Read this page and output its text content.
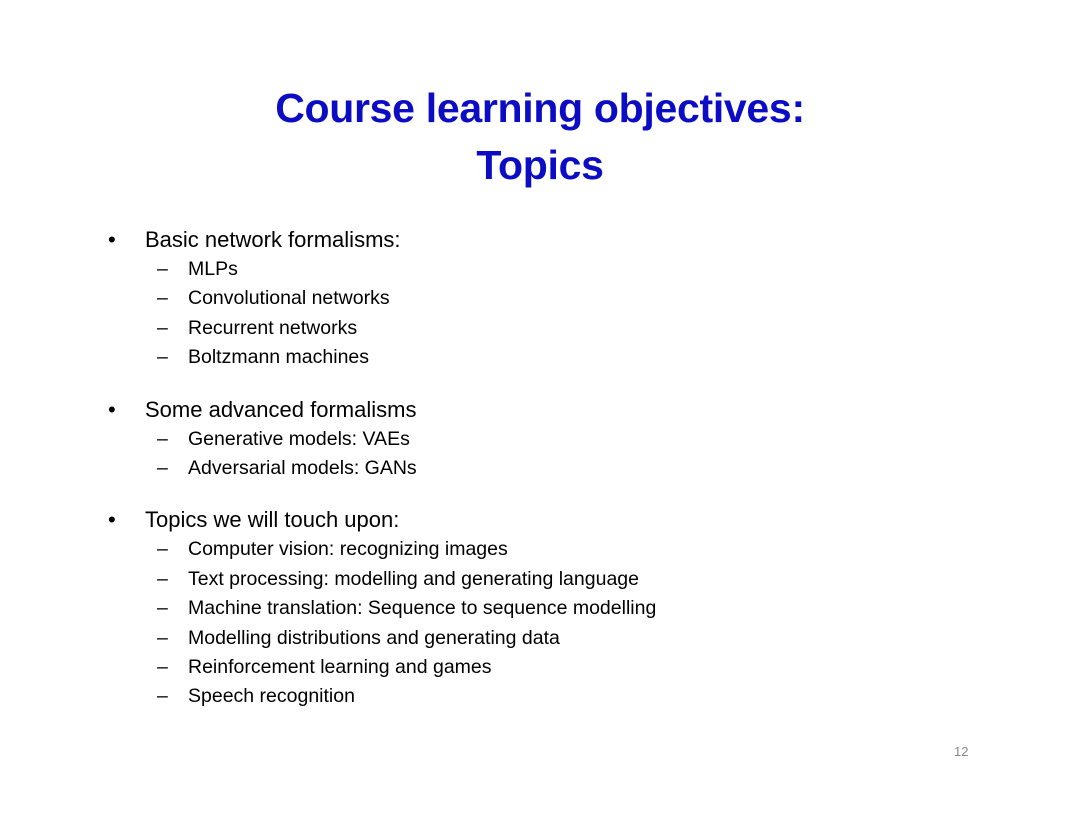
Course learning objectives:
Topics
• Basic network formalisms:
– MLPs
– Convolutional networks
– Recurrent networks
– Boltzmann machines
• Some advanced formalisms
– Generative models: VAEs
– Adversarial models: GANs
• Topics we will touch upon:
– Computer vision: recognizing images
– Text processing: modelling and generating language
– Machine translation: Sequence to sequence modelling
– Modelling distributions and generating data
– Reinforcement learning and games
– Speech recognition
12
